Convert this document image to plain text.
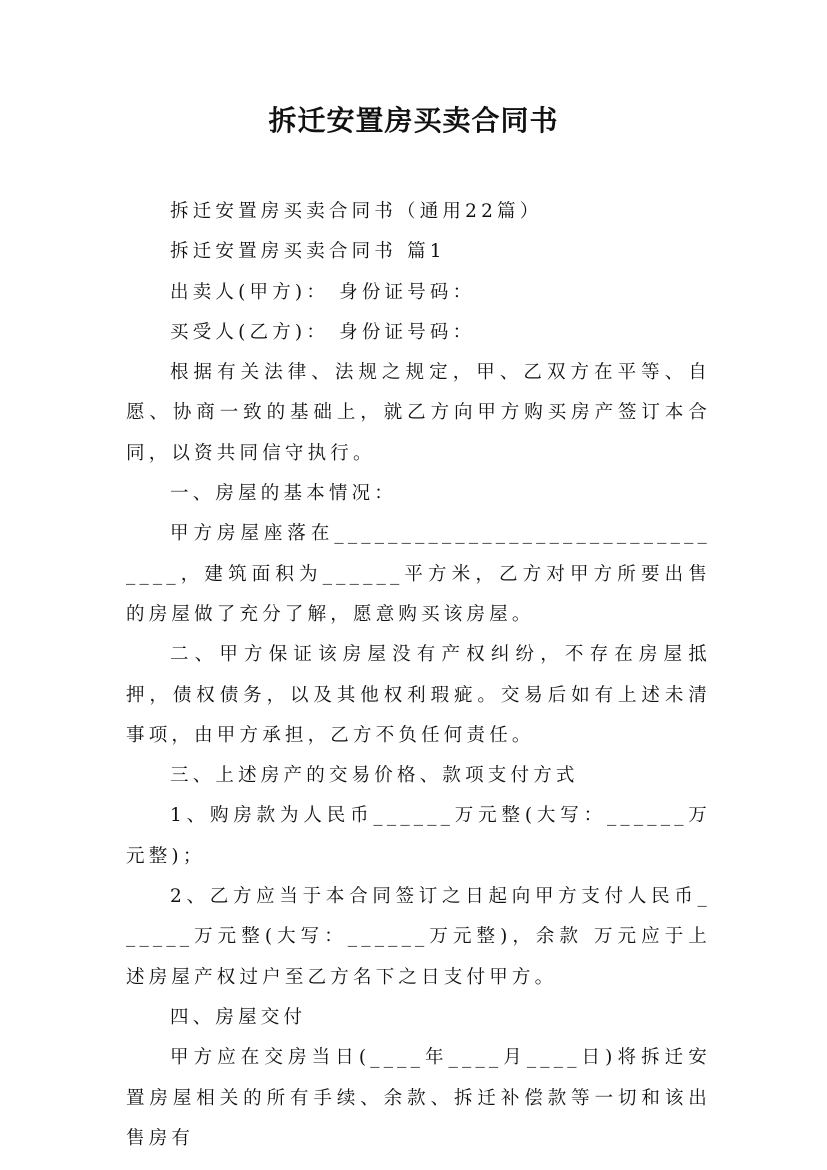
拆迁安置房买卖合同书

拆迁安置房买卖合同书（通用22篇）

拆迁安置房买卖合同书 篇1

出卖人(甲方)： 身份证号码：

买受人(乙方)： 身份证号码：

根据有关法律、法规之规定，甲、乙双方在平等、自愿、协商一致的基础上，就乙方向甲方购买房产签订本合同，以资共同信守执行。

一、房屋的基本情况：

甲方房屋座落在________________________________，建筑面积为______平方米，乙方对甲方所要出售的房屋做了充分了解，愿意购买该房屋。

二、甲方保证该房屋没有产权纠纷，不存在房屋抵押，债权债务，以及其他权利瑕疵。交易后如有上述未清事项，由甲方承担，乙方不负任何责任。

三、上述房产的交易价格、款项支付方式

1、购房款为人民币______万元整(大写：______万元整)；

2、乙方应当于本合同签订之日起向甲方支付人民币______万元整(大写：______万元整)，余款 万元应于上述房屋产权过户至乙方名下之日支付甲方。

四、房屋交付

甲方应在交房当日(____年____月____日)将拆迁安置房屋相关的所有手续、余款、拆迁补偿款等一切和该出售房有
